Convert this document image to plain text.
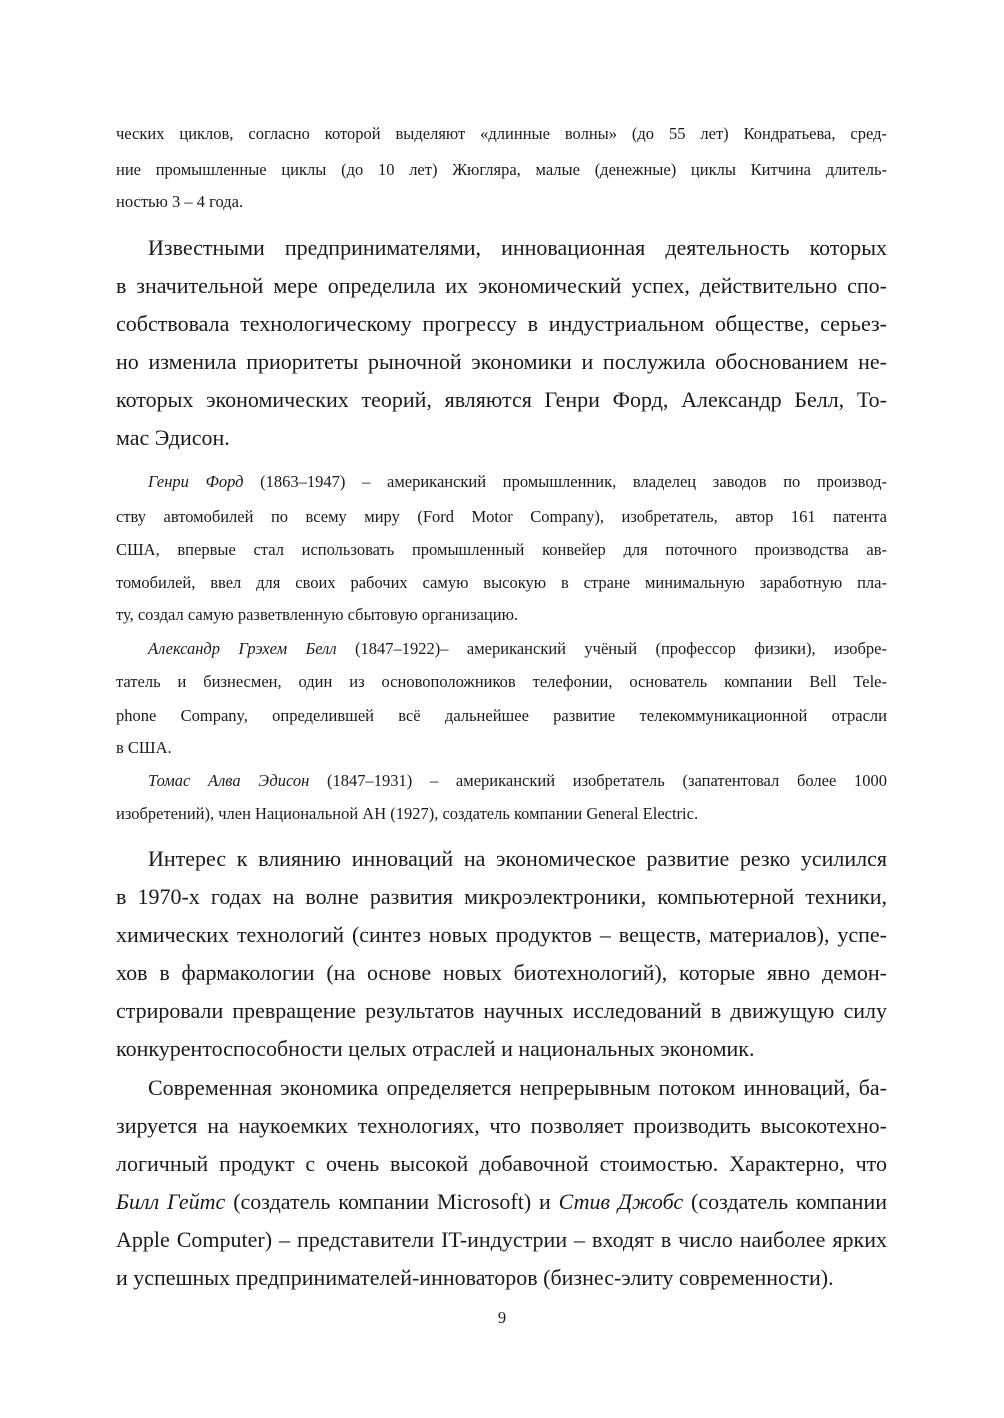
ческих циклов, согласно которой выделяют «длинные волны» (до 55 лет) Кондратьева, сред-

ние промышленные циклы (до 10 лет) Жюгляра, малые (денежные) циклы Китчина длитель-

ностью 3 – 4 года.

Известными предпринимателями, инновационная деятельность которых

в значительной мере определила их экономический успех, действительно спо-

собствовала технологическому прогрессу в индустриальном обществе, серьез-

но изменила приоритеты рыночной экономики и послужила обоснованием не-

которых экономических теорий, являются Генри Форд, Александр Белл, То-

мас Эдисон.

Генри Форд (1863–1947) – американский промышленник, владелец заводов по производ-

ству автомобилей по всему миру (Ford Motor Company), изобретатель, автор 161 патента

США, впервые стал использовать промышленный конвейер для поточного производства ав-

томобилей, ввел для своих рабочих самую высокую в стране минимальную заработную пла-

ту, создал самую разветвленную сбытовую организацию.

Александр Грэхем Белл (1847–1922)– американский учёный (профессор физики), изобре-

татель и бизнесмен, один из основоположников телефонии, основатель компании Bell Tele-

phone Company, определившей всё дальнейшее развитие телекоммуникационной отрасли

в США.

Томас Алва Эдисон (1847–1931) – американский изобретатель (запатентовал более 1000

изобретений), член Национальной АН (1927), создатель компании General Electric.

Интерес к влиянию инноваций на экономическое развитие резко усилился

в 1970-х годах на волне развития микроэлектроники, компьютерной техники,

химических технологий (синтез новых продуктов – веществ, материалов), успе-

хов в фармакологии (на основе новых биотехнологий), которые явно демон-

стрировали превращение результатов научных исследований в движущую силу

конкурентоспособности целых отраслей и национальных экономик.

Современная экономика определяется непрерывным потоком инноваций, ба-

зируется на наукоемких технологиях, что позволяет производить высокотехно-

логичный продукт с очень высокой добавочной стоимостью. Характерно, что

Билл Гейтс (создатель компании Microsoft) и Стив Джобс (создатель компании

Apple Computer) – представители IT-индустрии – входят в число наиболее ярких

и успешных предпринимателей-инноваторов (бизнес-элиту современности).

9
